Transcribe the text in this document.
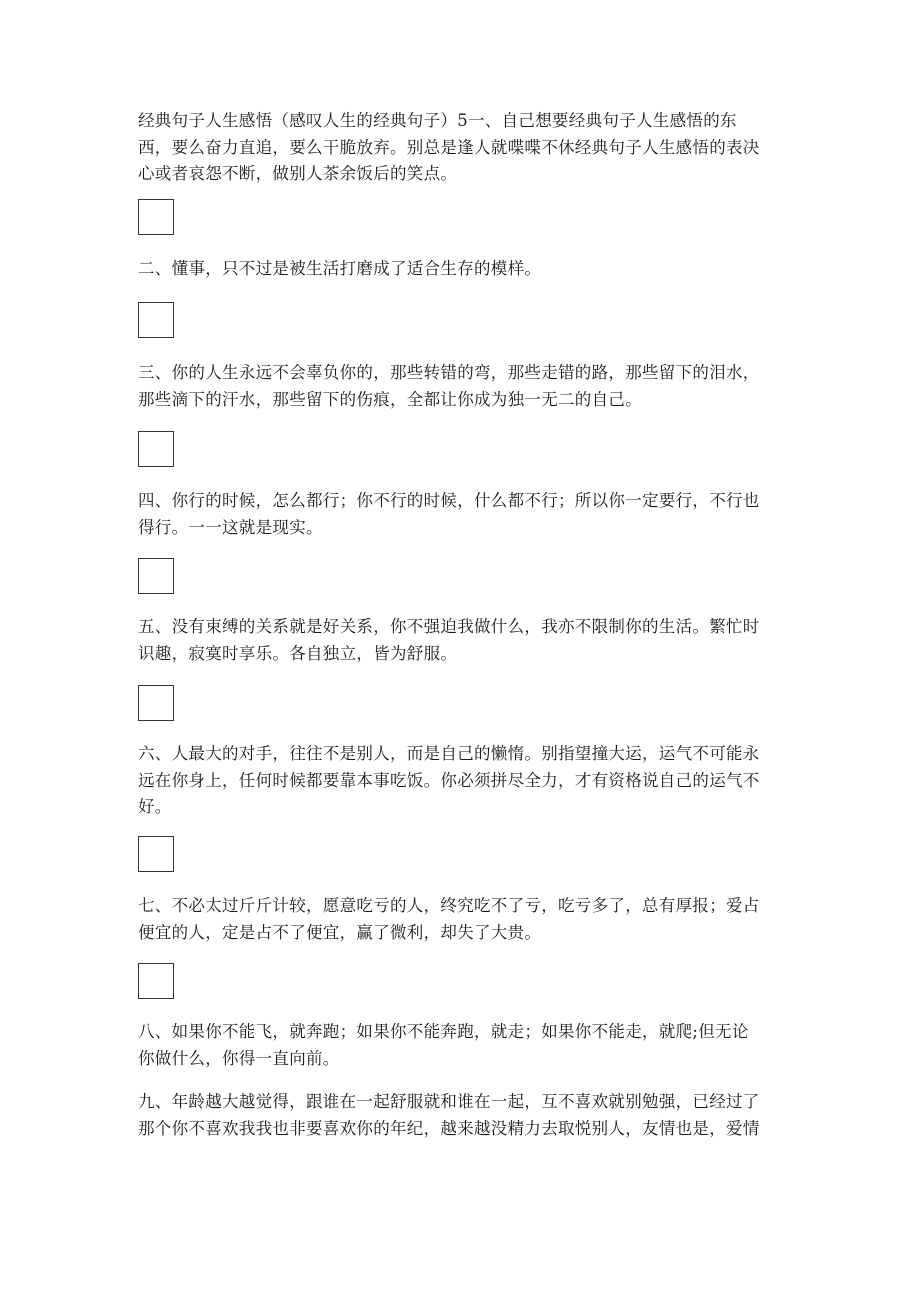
经典句子人生感悟（感叹人生的经典句子）5一、自己想要经典句子人生感悟的东
西，要么奋力直追，要么干脆放弃。别总是逢人就喋喋不休经典句子人生感悟的表决
心或者哀怨不断，做别人茶余饭后的笑点。

二、懂事，只不过是被生活打磨成了适合生存的模样。

三、你的人生永远不会辜负你的，那些转错的弯，那些走错的路，那些留下的泪水，
那些滴下的汗水，那些留下的伤痕，全都让你成为独一无二的自己。

四、你行的时候，怎么都行；你不行的时候，什么都不行；所以你一定要行，不行也
得行。一一这就是现实。

五、没有束缚的关系就是好关系，你不强迫我做什么，我亦不限制你的生活。繁忙时
识趣，寂寞时享乐。各自独立，皆为舒服。

六、人最大的对手，往往不是别人，而是自己的懒惰。别指望撞大运，运气不可能永
远在你身上，任何时候都要靠本事吃饭。你必须拼尽全力，才有资格说自己的运气不
好。

七、不必太过斤斤计较，愿意吃亏的人，终究吃不了亏，吃亏多了，总有厚报；爱占
便宜的人，定是占不了便宜，赢了微利，却失了大贵。

八、如果你不能飞，就奔跑；如果你不能奔跑，就走；如果你不能走，就爬;但无论
你做什么，你得一直向前。

九、年龄越大越觉得，跟谁在一起舒服就和谁在一起，互不喜欢就别勉强，已经过了
那个你不喜欢我我也非要喜欢你的年纪，越来越没精力去取悦别人，友情也是，爱情
